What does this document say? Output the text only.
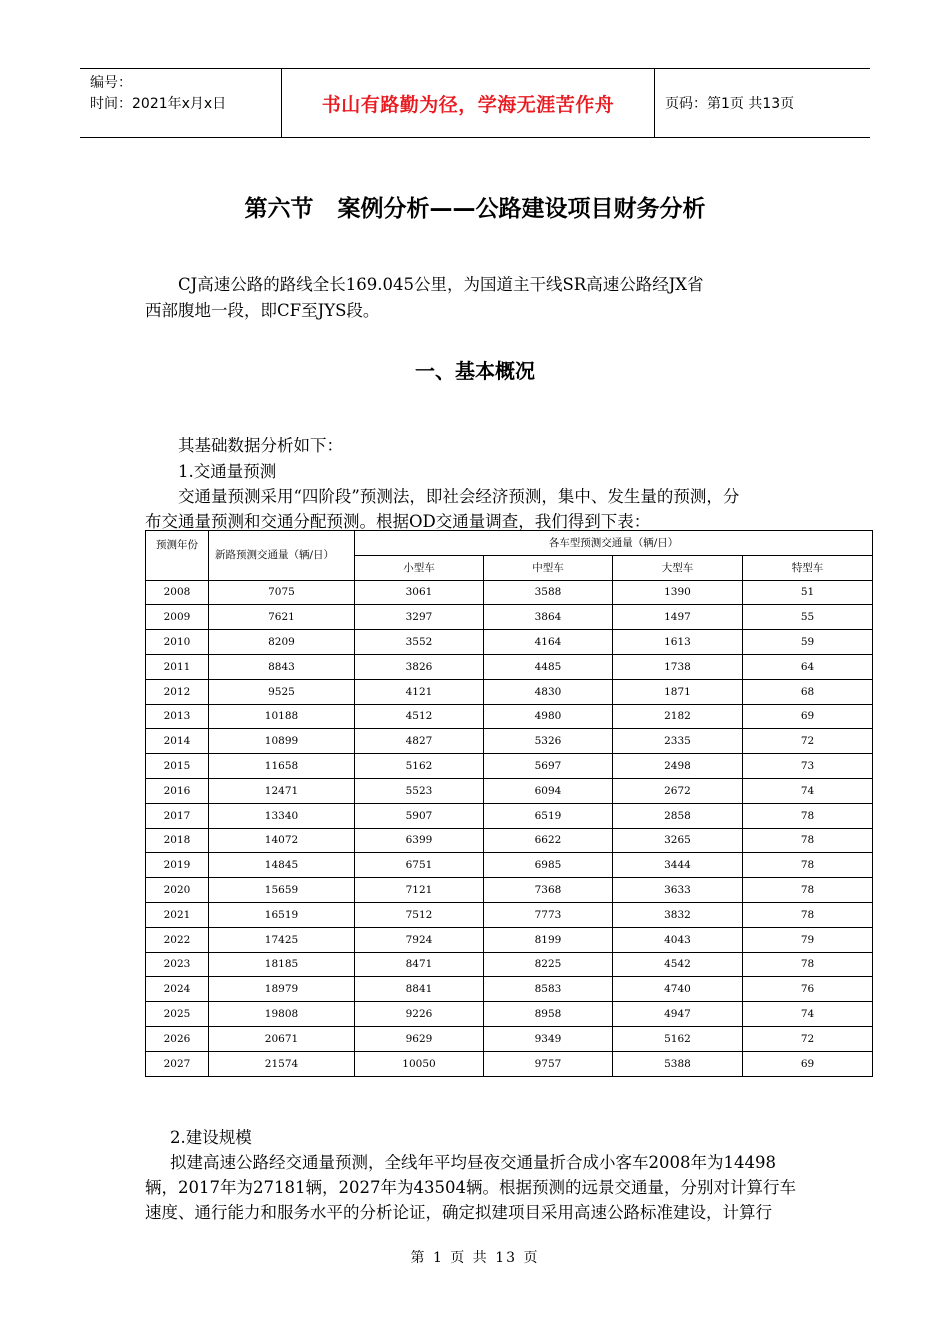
编号：
时间：2021年x月x日	书山有路勤为径，学海无涯苦作舟	页码：第1页 共13页
第六节 案例分析——公路建设项目财务分析
CJ高速公路的路线全长169.045公里，为国道主干线SR高速公路经JX省
西部腹地一段，即CF至JYS段。
一、基本概况
其基础数据分析如下：
1.交通量预测
交通量预测采用“四阶段”预测法，即社会经济预测，集中、发生量的预测，分
布交通量预测和交通分配预测。根据OD交通量调查，我们得到下表：
预测年份	新路预测交通量（辆/日）	各车型预测交通量（辆/日）			
		小型车	中型车	大型车	特型车
2008	7075	3061	3588	1390	51
2009	7621	3297	3864	1497	55
2010	8209	3552	4164	1613	59
2011	8843	3826	4485	1738	64
2012	9525	4121	4830	1871	68
2013	10188	4512	4980	2182	69
2014	10899	4827	5326	2335	72
2015	11658	5162	5697	2498	73
2016	12471	5523	6094	2672	74
2017	13340	5907	6519	2858	78
2018	14072	6399	6622	3265	78
2019	14845	6751	6985	3444	78
2020	15659	7121	7368	3633	78
2021	16519	7512	7773	3832	78
2022	17425	7924	8199	4043	79
2023	18185	8471	8225	4542	78
2024	18979	8841	8583	4740	76
2025	19808	9226	8958	4947	74
2026	20671	9629	9349	5162	72
2027	21574	10050	9757	5388	69
2.建设规模
拟建高速公路经交通量预测，全线年平均昼夜交通量折合成小客车2008年为14498
辆，2017年为27181辆，2027年为43504辆。根据预测的远景交通量，分别对计算行车
速度、通行能力和服务水平的分析论证，确定拟建项目采用高速公路标准建设，计算行
第 1 页 共 13 页
